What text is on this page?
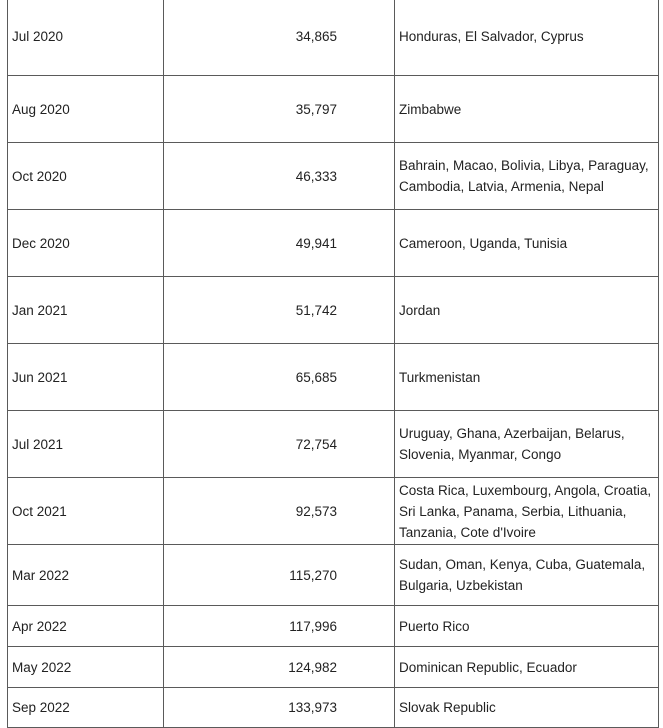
Jul 2020	34,865	Honduras, El Salvador, Cyprus
Aug 2020	35,797	Zimbabwe
Oct 2020	46,333	Bahrain, Macao, Bolivia, Libya, Paraguay, Cambodia, Latvia, Armenia, Nepal
Dec 2020	49,941	Cameroon, Uganda, Tunisia
Jan 2021	51,742	Jordan
Jun 2021	65,685	Turkmenistan
Jul 2021	72,754	Uruguay, Ghana, Azerbaijan, Belarus, Slovenia, Myanmar, Congo
Oct 2021	92,573	Costa Rica, Luxembourg, Angola, Croatia, Sri Lanka, Panama, Serbia, Lithuania, Tanzania, Cote d'Ivoire
Mar 2022	115,270	Sudan, Oman, Kenya, Cuba, Guatemala, Bulgaria, Uzbekistan
Apr 2022	117,996	Puerto Rico
May 2022	124,982	Dominican Republic, Ecuador
Sep 2022	133,973	Slovak Republic
